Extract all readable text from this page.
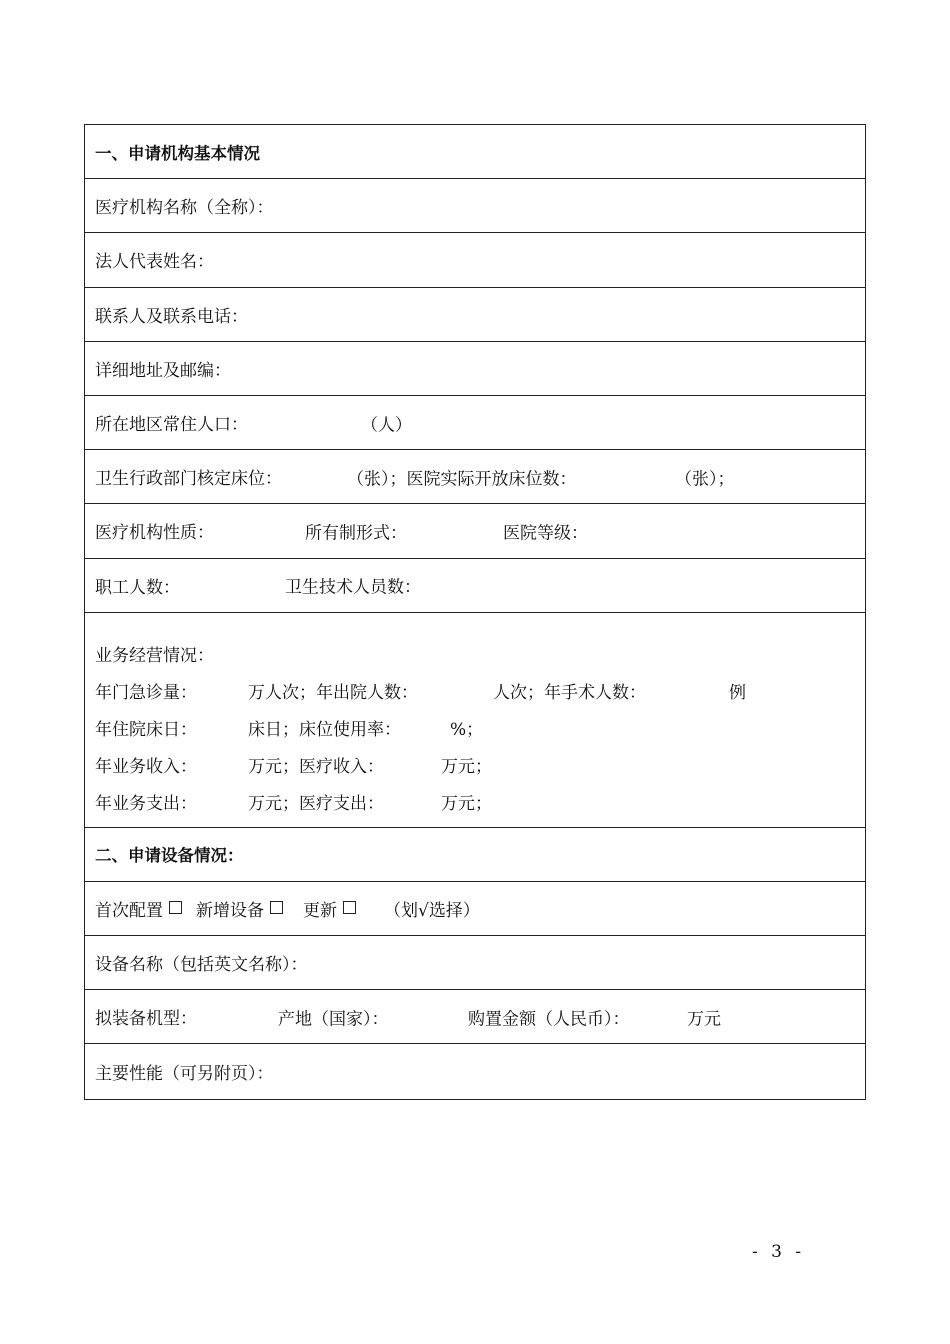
一、申请机构基本情况
医疗机构名称（全称）：
法人代表姓名：
联系人及联系电话：
详细地址及邮编：
所在地区常住人口：	（人）
卫生行政部门核定床位：	（张）；医院实际开放床位数：	（张）；
医疗机构性质：	所有制形式：	医院等级：
职工人数：	卫生技术人员数：
业务经营情况：
年门急诊量：	万人次；年出院人数：	人次；年手术人数：	例
年住院床日：	床日；床位使用率：	%；
年业务收入：	万元；医疗收入：	万元；
年业务支出：	万元；医疗支出：	万元；
二、申请设备情况：
首次配置 新增设备 更新	（划√选择）
设备名称（包括英文名称）：
拟装备机型：	产地（国家）：	购置金额（人民币）：	万元
主要性能（可另附页）：
- 3 -
